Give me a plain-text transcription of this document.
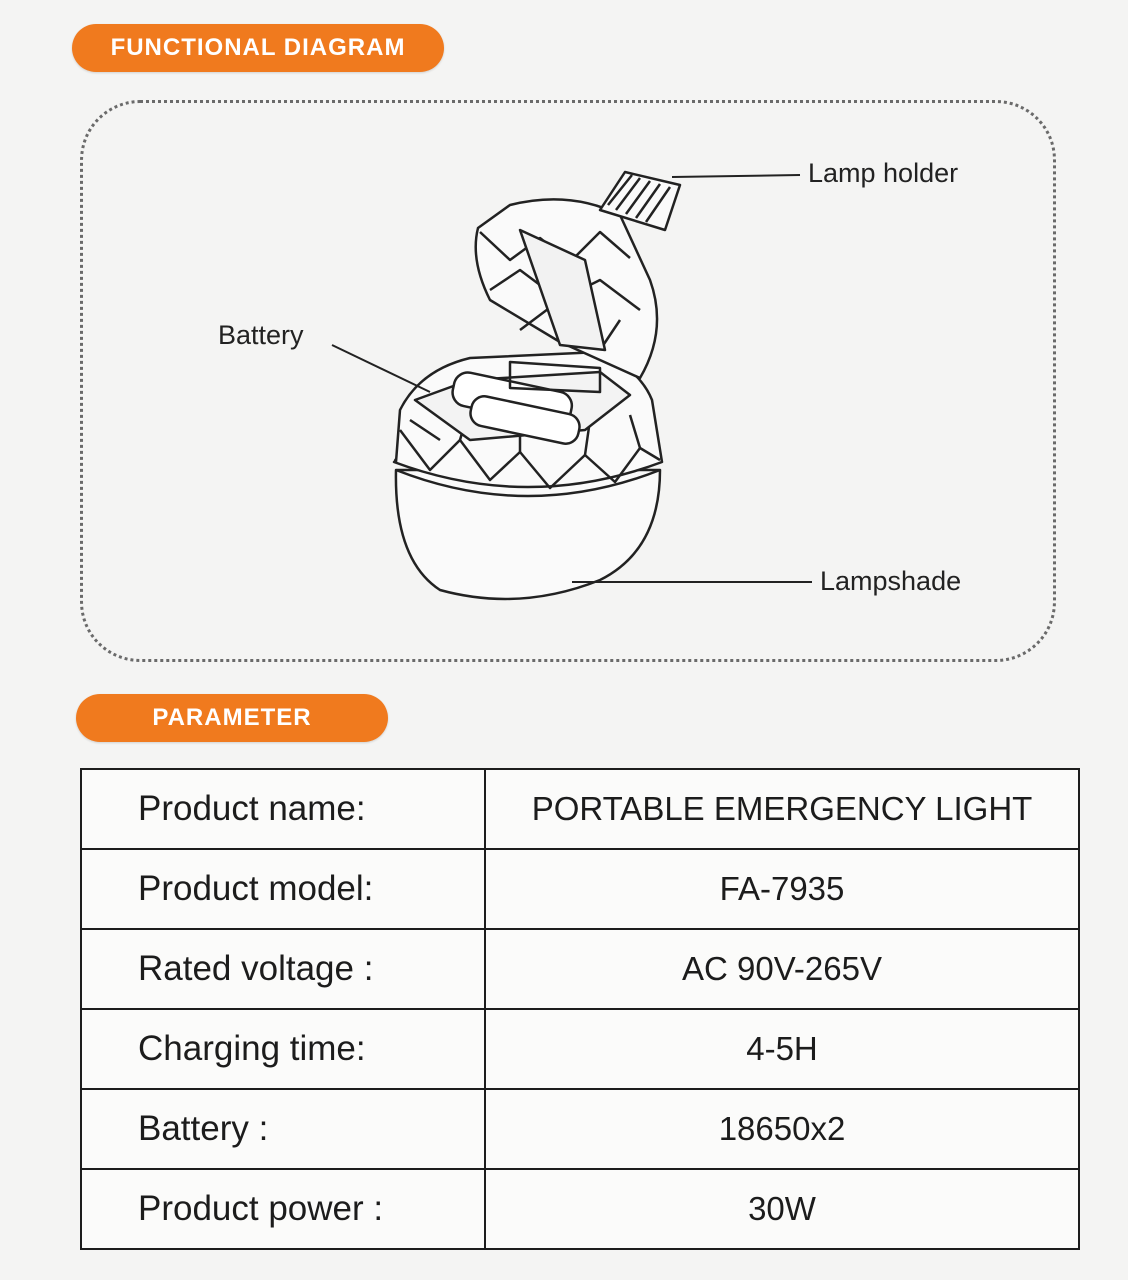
FUNCTIONAL DIAGRAM
Lamp holder
Battery
Lampshade
PARAMETER
Product name:	PORTABLE EMERGENCY LIGHT
Product model:	FA-7935
Rated voltage :	AC 90V-265V
Charging time:	4-5H
Battery :	18650x2
Product power :	30W
